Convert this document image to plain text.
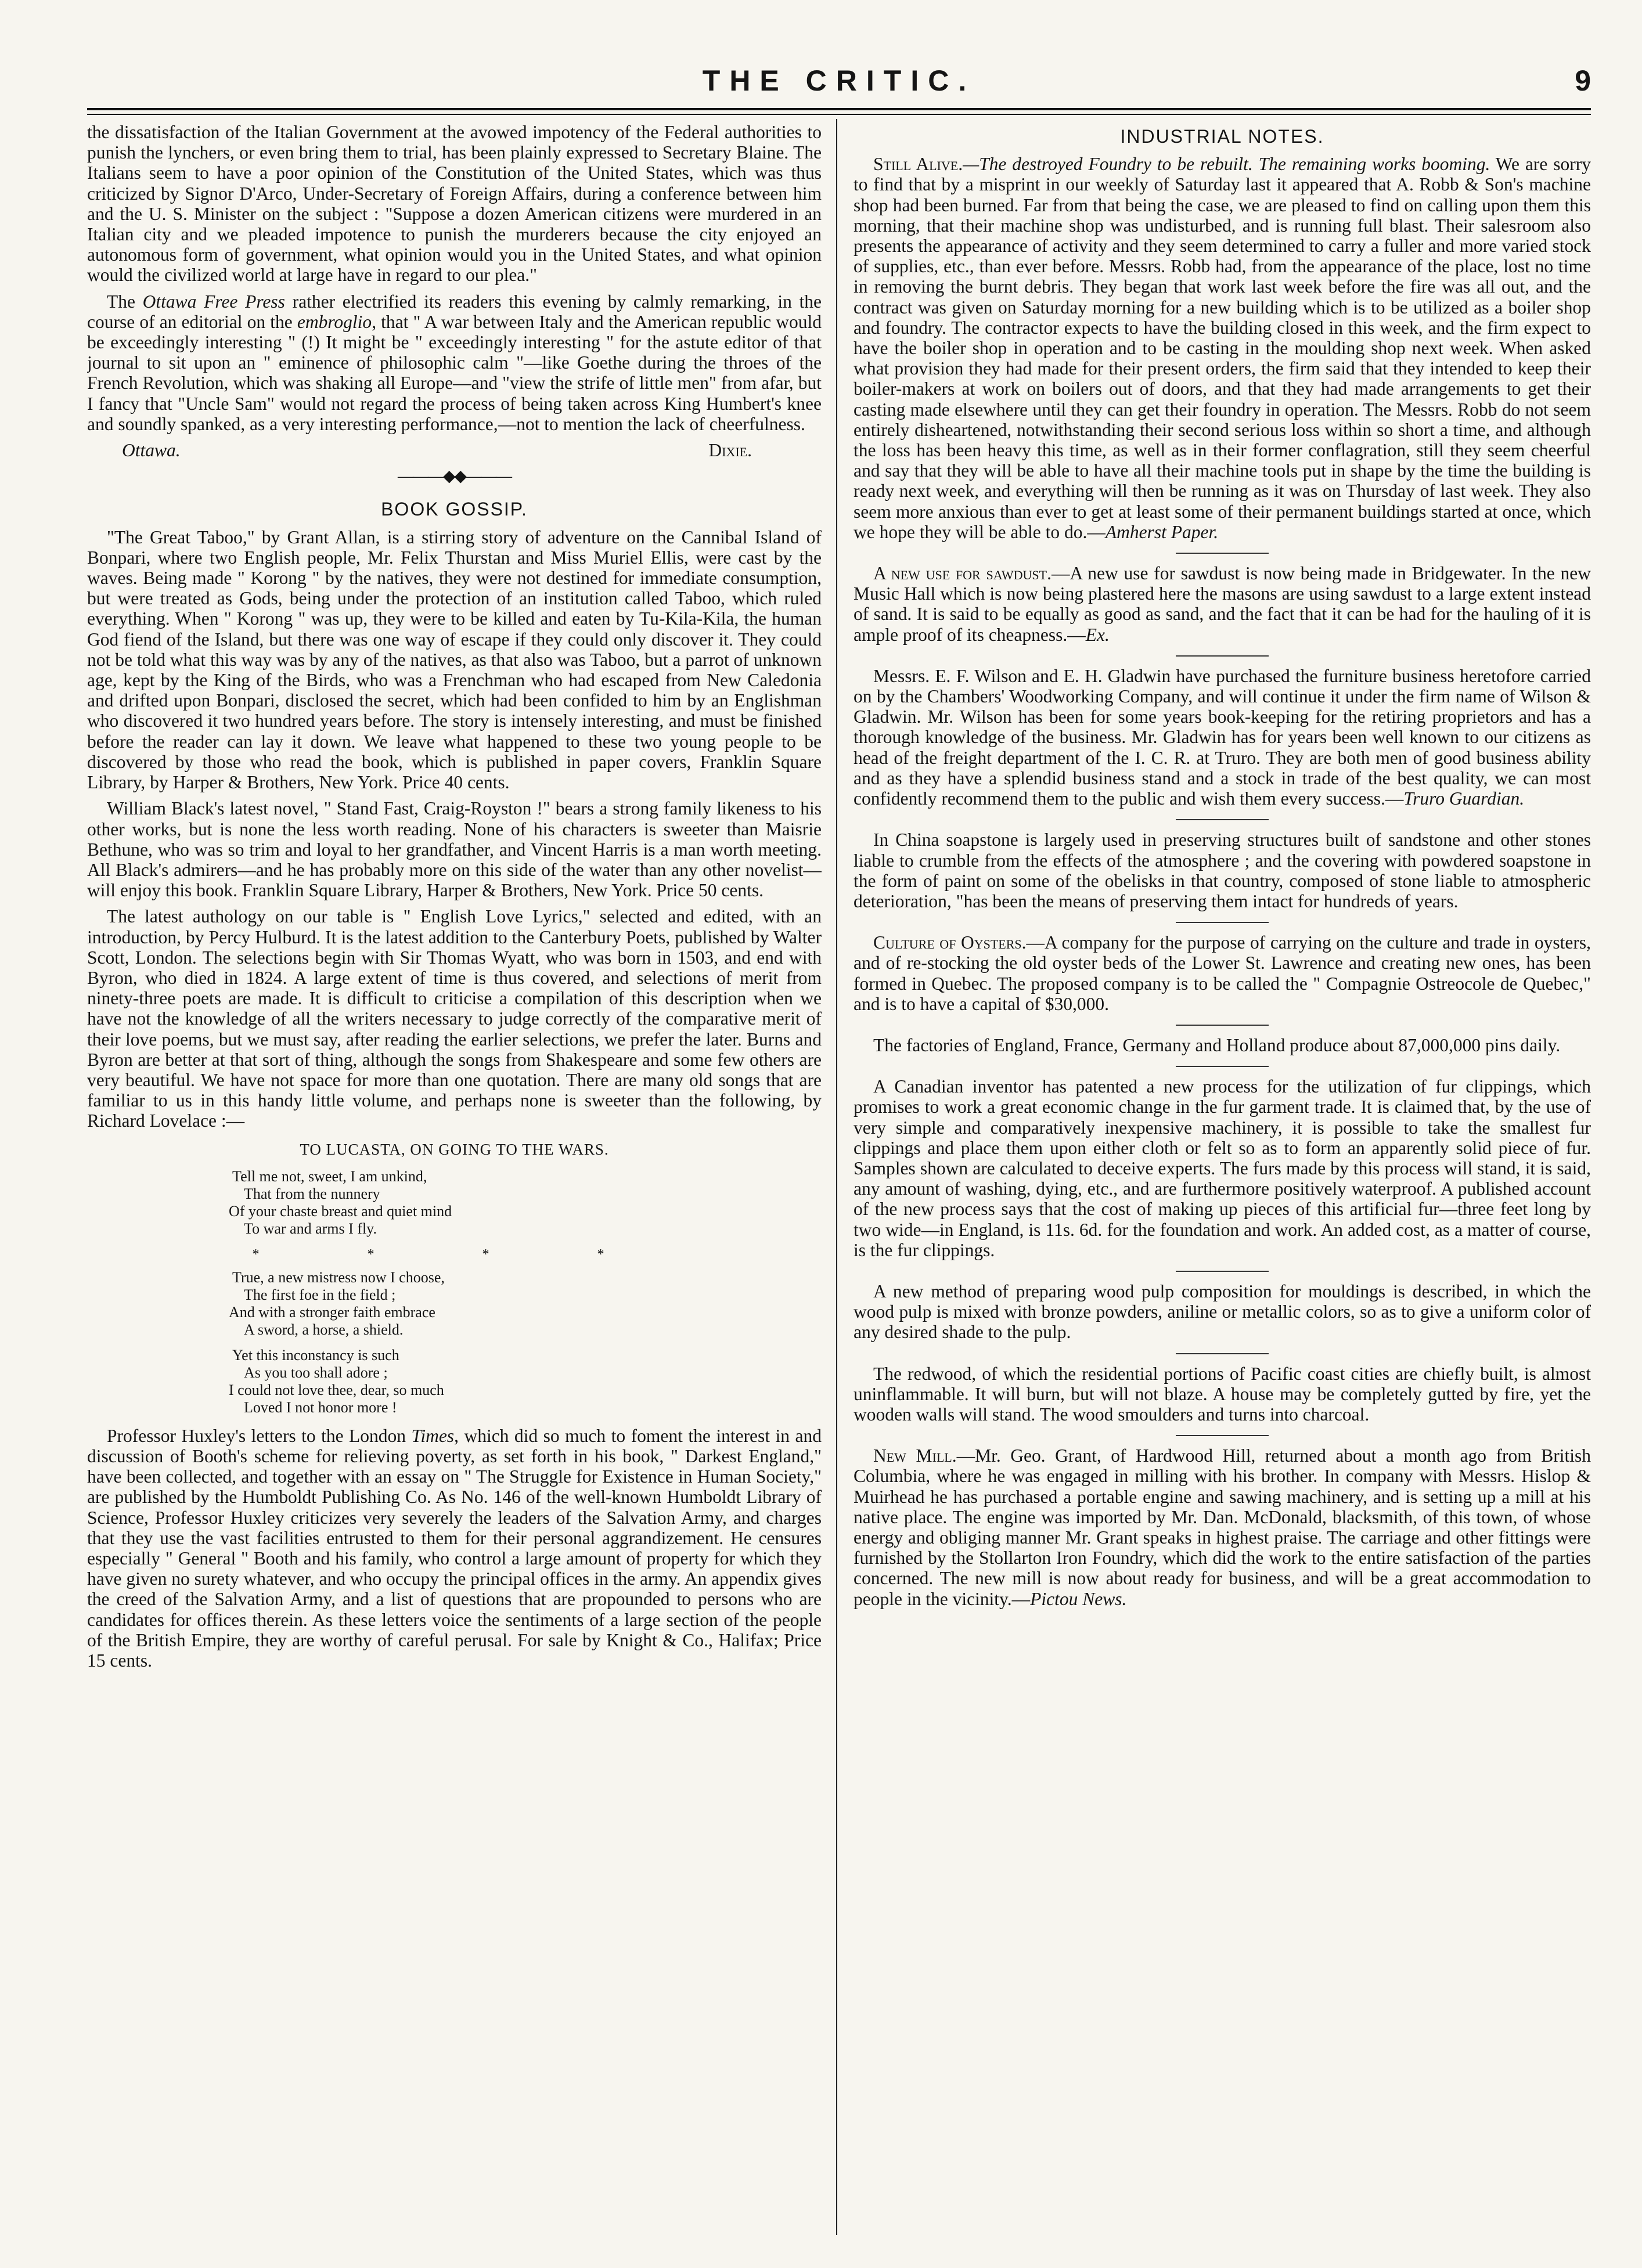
THE CRITIC.	9

the dissatisfaction of the Italian Government at the avowed impotency of the Federal authorities to punish the lynchers, or even bring them to trial, has been plainly expressed to Secretary Blaine. The Italians seem to have a poor opinion of the Constitution of the United States, which was thus criticized by Signor D'Arco, Under-Secretary of Foreign Affairs, during a conference between him and the U. S. Minister on the subject : "Suppose a dozen American citizens were murdered in an Italian city and we pleaded impotence to punish the murderers because the city enjoyed an autonomous form of government, what opinion would you in the United States, and what opinion would the civilized world at large have in regard to our plea."

The Ottawa Free Press rather electrified its readers this evening by calmly remarking, in the course of an editorial on the embroglio, that " A war between Italy and the American republic would be exceedingly interesting " (!) It might be " exceedingly interesting " for the astute editor of that journal to sit upon an " eminence of philosophic calm "—like Goethe during the throes of the French Revolution, which was shaking all Europe—and "view the strife of little men" from afar, but I fancy that "Uncle Sam" would not regard the process of being taken across King Humbert's knee and soundly spanked, as a very interesting performance,—not to mention the lack of cheerfulness.

Ottawa.	Dixie.
———◆◆———
BOOK GOSSIP.

"The Great Taboo," by Grant Allan, is a stirring story of adventure on the Cannibal Island of Bonpari, where two English people, Mr. Felix Thurstan and Miss Muriel Ellis, were cast by the waves. Being made " Korong " by the natives, they were not destined for immediate consumption, but were treated as Gods, being under the protection of an institution called Taboo, which ruled everything. When " Korong " was up, they were to be killed and eaten by Tu-Kila-Kila, the human God fiend of the Island, but there was one way of escape if they could only discover it. They could not be told what this way was by any of the natives, as that also was Taboo, but a parrot of unknown age, kept by the King of the Birds, who was a Frenchman who had escaped from New Caledonia and drifted upon Bonpari, disclosed the secret, which had been confided to him by an Englishman who discovered it two hundred years before. The story is intensely interesting, and must be finished before the reader can lay it down. We leave what happened to these two young people to be discovered by those who read the book, which is published in paper covers, Franklin Square Library, by Harper & Brothers, New York. Price 40 cents.

William Black's latest novel, " Stand Fast, Craig-Royston !" bears a strong family likeness to his other works, but is none the less worth reading. None of his characters is sweeter than Maisrie Bethune, who was so trim and loyal to her grandfather, and Vincent Harris is a man worth meeting. All Black's admirers—and he has probably more on this side of the water than any other novelist—will enjoy this book. Franklin Square Library, Harper & Brothers, New York. Price 50 cents.

The latest authology on our table is " English Love Lyrics," selected and edited, with an introduction, by Percy Hulburd. It is the latest addition to the Canterbury Poets, published by Walter Scott, London. The selections begin with Sir Thomas Wyatt, who was born in 1503, and end with Byron, who died in 1824. A large extent of time is thus covered, and selections of merit from ninety-three poets are made. It is difficult to criticise a compilation of this description when we have not the knowledge of all the writers necessary to judge correctly of the comparative merit of their love poems, but we must say, after reading the earlier selections, we prefer the later. Burns and Byron are better at that sort of thing, although the songs from Shakespeare and some few others are very beautiful. We have not space for more than one quotation. There are many old songs that are familiar to us in this handy little volume, and perhaps none is sweeter than the following, by Richard Lovelace :—

TO LUCASTA, ON GOING TO THE WARS.
Tell me not, sweet, I am unkind,
That from the nunnery
Of your chaste breast and quiet mind
To war and arms I fly.
* * * *
True, a new mistress now I choose,
The first foe in the field ;
And with a stronger faith embrace
A sword, a horse, a shield.
Yet this inconstancy is such
As you too shall adore ;
I could not love thee, dear, so much
Loved I not honor more !

Professor Huxley's letters to the London Times, which did so much to foment the interest in and discussion of Booth's scheme for relieving poverty, as set forth in his book, " Darkest England," have been collected, and together with an essay on " The Struggle for Existence in Human Society," are published by the Humboldt Publishing Co. As No. 146 of the well-known Humboldt Library of Science, Professor Huxley criticizes very severely the leaders of the Salvation Army, and charges that they use the vast facilities entrusted to them for their personal aggrandizement. He censures especially " General " Booth and his family, who control a large amount of property for which they have given no surety whatever, and who occupy the principal offices in the army. An appendix gives the creed of the Salvation Army, and a list of questions that are propounded to persons who are candidates for offices therein. As these letters voice the sentiments of a large section of the people of the British Empire, they are worthy of careful perusal. For sale by Knight & Co., Halifax; Price 15 cents.

INDUSTRIAL NOTES.

Still Alive.—The destroyed Foundry to be rebuilt. The remaining works booming. We are sorry to find that by a misprint in our weekly of Saturday last it appeared that A. Robb & Son's machine shop had been burned. Far from that being the case, we are pleased to find on calling upon them this morning, that their machine shop was undisturbed, and is running full blast. Their salesroom also presents the appearance of activity and they seem determined to carry a fuller and more varied stock of supplies, etc., than ever before. Messrs. Robb had, from the appearance of the place, lost no time in removing the burnt debris. They began that work last week before the fire was all out, and the contract was given on Saturday morning for a new building which is to be utilized as a boiler shop and foundry. The contractor expects to have the building closed in this week, and the firm expect to have the boiler shop in operation and to be casting in the moulding shop next week. When asked what provision they had made for their present orders, the firm said that they intended to keep their boiler-makers at work on boilers out of doors, and that they had made arrangements to get their casting made elsewhere until they can get their foundry in operation. The Messrs. Robb do not seem entirely disheartened, notwithstanding their second serious loss within so short a time, and although the loss has been heavy this time, as well as in their former conflagration, still they seem cheerful and say that they will be able to have all their machine tools put in shape by the time the building is ready next week, and everything will then be running as it was on Thursday of last week. They also seem more anxious than ever to get at least some of their permanent buildings started at once, which we hope they will be able to do.—Amherst Paper.

A new use for sawdust.—A new use for sawdust is now being made in Bridgewater. In the new Music Hall which is now being plastered here the masons are using sawdust to a large extent instead of sand. It is said to be equally as good as sand, and the fact that it can be had for the hauling of it is ample proof of its cheapness.—Ex.

Messrs. E. F. Wilson and E. H. Gladwin have purchased the furniture business heretofore carried on by the Chambers' Woodworking Company, and will continue it under the firm name of Wilson & Gladwin. Mr. Wilson has been for some years book-keeping for the retiring proprietors and has a thorough knowledge of the business. Mr. Gladwin has for years been well known to our citizens as head of the freight department of the I. C. R. at Truro. They are both men of good business ability and as they have a splendid business stand and a stock in trade of the best quality, we can most confidently recommend them to the public and wish them every success.—Truro Guardian.

In China soapstone is largely used in preserving structures built of sandstone and other stones liable to crumble from the effects of the atmosphere ; and the covering with powdered soapstone in the form of paint on some of the obelisks in that country, composed of stone liable to atmospheric deterioration, "has been the means of preserving them intact for hundreds of years.

Culture of Oysters.—A company for the purpose of carrying on the culture and trade in oysters, and of re-stocking the old oyster beds of the Lower St. Lawrence and creating new ones, has been formed in Quebec. The proposed company is to be called the " Compagnie Ostreocole de Quebec," and is to have a capital of $30,000.

The factories of England, France, Germany and Holland produce about 87,000,000 pins daily.

A Canadian inventor has patented a new process for the utilization of fur clippings, which promises to work a great economic change in the fur garment trade. It is claimed that, by the use of very simple and comparatively inexpensive machinery, it is possible to take the smallest fur clippings and place them upon either cloth or felt so as to form an apparently solid piece of fur. Samples shown are calculated to deceive experts. The furs made by this process will stand, it is said, any amount of washing, dying, etc., and are furthermore positively waterproof. A published account of the new process says that the cost of making up pieces of this artificial fur—three feet long by two wide—in England, is 11s. 6d. for the foundation and work. An added cost, as a matter of course, is the fur clippings.

A new method of preparing wood pulp composition for mouldings is described, in which the wood pulp is mixed with bronze powders, aniline or metallic colors, so as to give a uniform color of any desired shade to the pulp.

The redwood, of which the residential portions of Pacific coast cities are chiefly built, is almost uninflammable. It will burn, but will not blaze. A house may be completely gutted by fire, yet the wooden walls will stand. The wood smoulders and turns into charcoal.

New Mill.—Mr. Geo. Grant, of Hardwood Hill, returned about a month ago from British Columbia, where he was engaged in milling with his brother. In company with Messrs. Hislop & Muirhead he has purchased a portable engine and sawing machinery, and is setting up a mill at his native place. The engine was imported by Mr. Dan. McDonald, blacksmith, of this town, of whose energy and obliging manner Mr. Grant speaks in highest praise. The carriage and other fittings were furnished by the Stollarton Iron Foundry, which did the work to the entire satisfaction of the parties concerned. The new mill is now about ready for business, and will be a great accommodation to people in the vicinity.—Pictou News.
